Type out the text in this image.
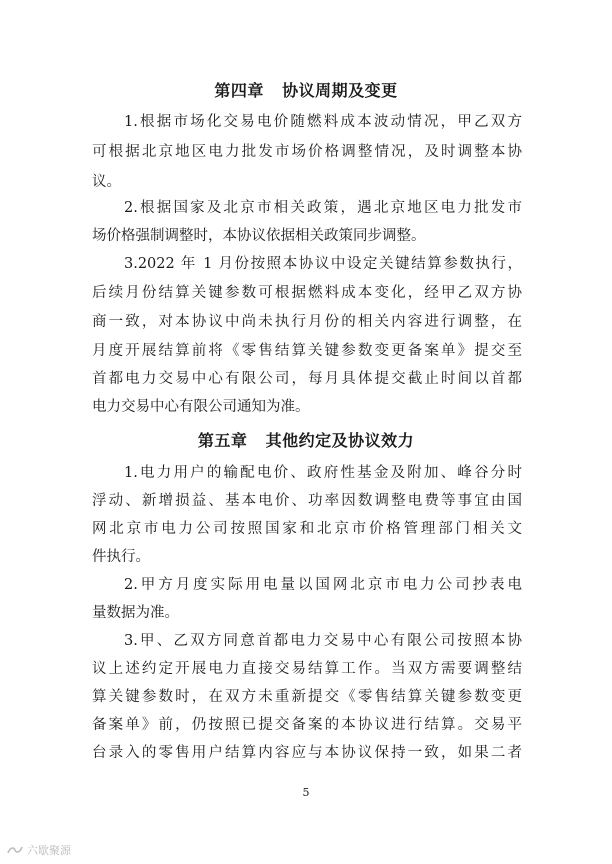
第四章   协议周期及变更
1.根据市场化交易电价随燃料成本波动情况，甲乙双方
可根据北京地区电力批发市场价格调整情况，及时调整本协
议。
2.根据国家及北京市相关政策，遇北京地区电力批发市
场价格强制调整时，本协议依据相关政策同步调整。
3.2022 年 1 月份按照本协议中设定关键结算参数执行，
后续月份结算关键参数可根据燃料成本变化，经甲乙双方协
商一致，对本协议中尚未执行月份的相关内容进行调整，在
月度开展结算前将《零售结算关键参数变更备案单》提交至
首都电力交易中心有限公司，每月具体提交截止时间以首都
电力交易中心有限公司通知为准。
第五章   其他约定及协议效力
1.电力用户的输配电价、政府性基金及附加、峰谷分时
浮动、新增损益、基本电价、功率因数调整电费等事宜由国
网北京市电力公司按照国家和北京市价格管理部门相关文
件执行。
2.甲方月度实际用电量以国网北京市电力公司抄表电
量数据为准。
3.甲、乙双方同意首都电力交易中心有限公司按照本协
议上述约定开展电力直接交易结算工作。当双方需要调整结
算关键参数时，在双方未重新提交《零售结算关键参数变更
备案单》前，仍按照已提交备案的本协议进行结算。交易平
台录入的零售用户结算内容应与本协议保持一致，如果二者
5
六歇聚源
